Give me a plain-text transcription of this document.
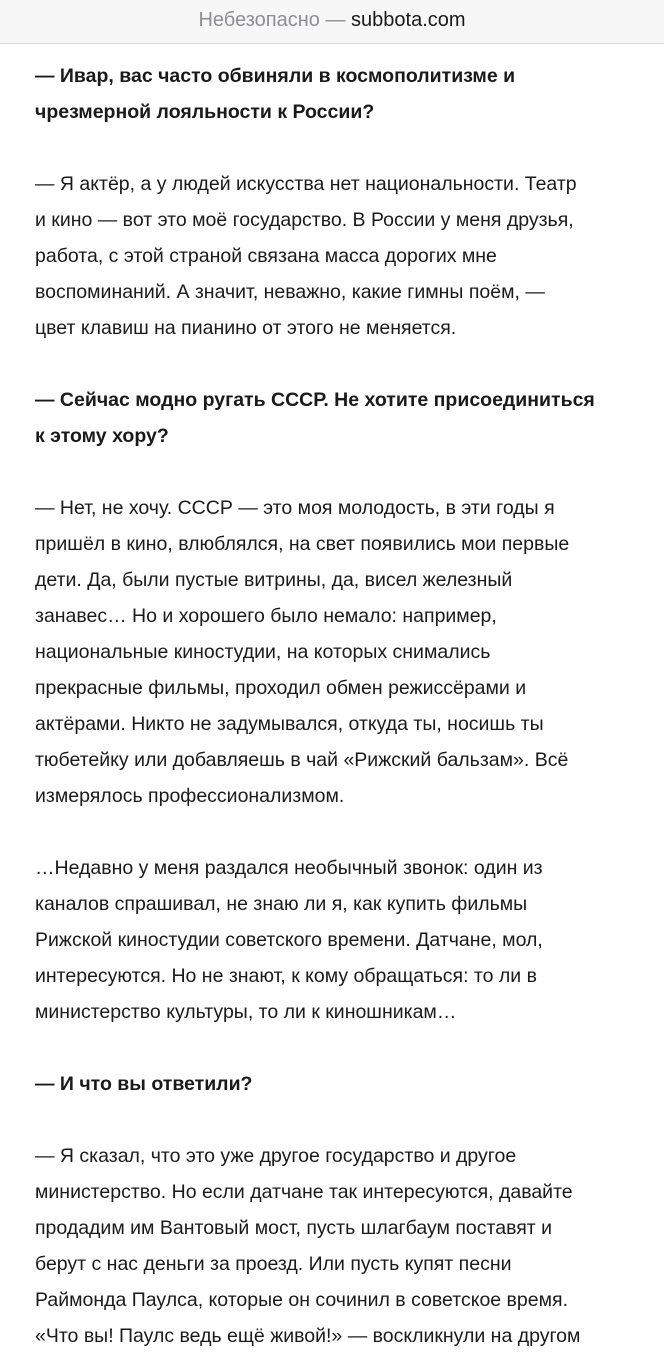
Небезопасно — subbota.com

— Ивар, вас часто обвиняли в космополитизме и
чрезмерной лояльности к России?

— Я актёр, а у людей искусства нет национальности. Театр
и кино — вот это моё государство. В России у меня друзья,
работа, с этой страной связана масса дорогих мне
воспоминаний. А значит, неважно, какие гимны поём, —
цвет клавиш на пианино от этого не меняется.

— Сейчас модно ругать СССР. Не хотите присоединиться
к этому хору?

— Нет, не хочу. СССР — это моя молодость, в эти годы я
пришёл в кино, влюблялся, на свет появились мои первые
дети. Да, были пустые витрины, да, висел железный
занавес… Но и хорошего было немало: например,
национальные киностудии, на которых снимались
прекрасные фильмы, проходил обмен режиссёрами и
актёрами. Никто не задумывался, откуда ты, носишь ты
тюбетейку или добавляешь в чай «Рижский бальзам». Всё
измерялось профессионализмом.

…Недавно у меня раздался необычный звонок: один из
каналов спрашивал, не знаю ли я, как купить фильмы
Рижской киностудии советского времени. Датчане, мол,
интересуются. Но не знают, к кому обращаться: то ли в
министерство культуры, то ли к киношникам…

— И что вы ответили?

— Я сказал, что это уже другое государство и другое
министерство. Но если датчане так интересуются, давайте
продадим им Вантовый мост, пусть шлагбаум поставят и
берут с нас деньги за проезд. Или пусть купят песни
Раймонда Паулса, которые он сочинил в советское время.
«Что вы! Паулс ведь ещё живой!» — воскликнули на другом
